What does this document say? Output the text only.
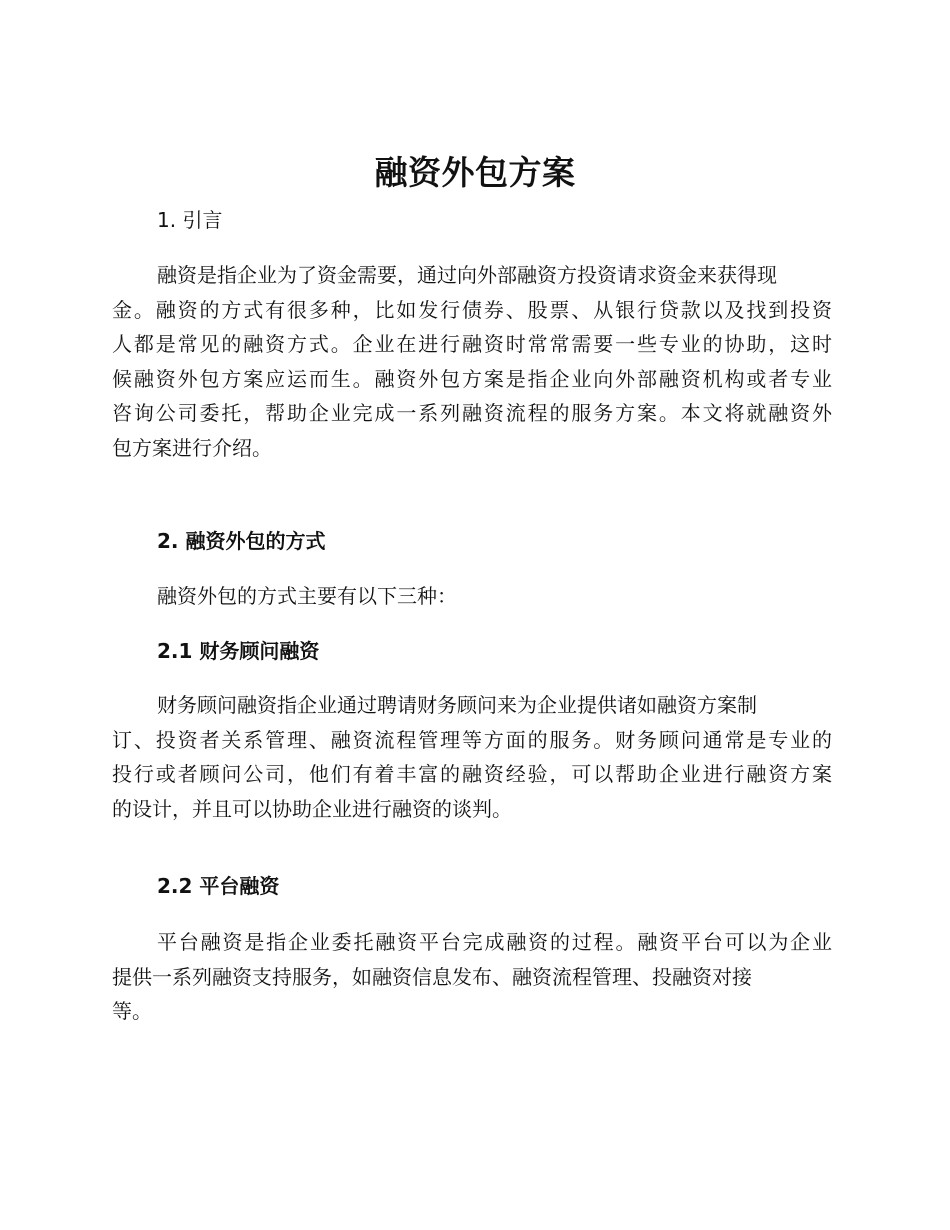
融资外包方案
1. 引言
融资是指企业为了资金需要，通过向外部融资方投资请求资金来获得现
金。融资的方式有很多种，比如发行债券、股票、从银行贷款以及找到投资
人都是常见的融资方式。企业在进行融资时常常需要一些专业的协助，这时
候融资外包方案应运而生。融资外包方案是指企业向外部融资机构或者专业
咨询公司委托，帮助企业完成一系列融资流程的服务方案。本文将就融资外
包方案进行介绍。
2. 融资外包的方式
融资外包的方式主要有以下三种：
2.1 财务顾问融资
财务顾问融资指企业通过聘请财务顾问来为企业提供诸如融资方案制
订、投资者关系管理、融资流程管理等方面的服务。财务顾问通常是专业的
投行或者顾问公司，他们有着丰富的融资经验，可以帮助企业进行融资方案
的设计，并且可以协助企业进行融资的谈判。
2.2 平台融资
平台融资是指企业委托融资平台完成融资的过程。融资平台可以为企业
提供一系列融资支持服务，如融资信息发布、融资流程管理、投融资对接
等。
